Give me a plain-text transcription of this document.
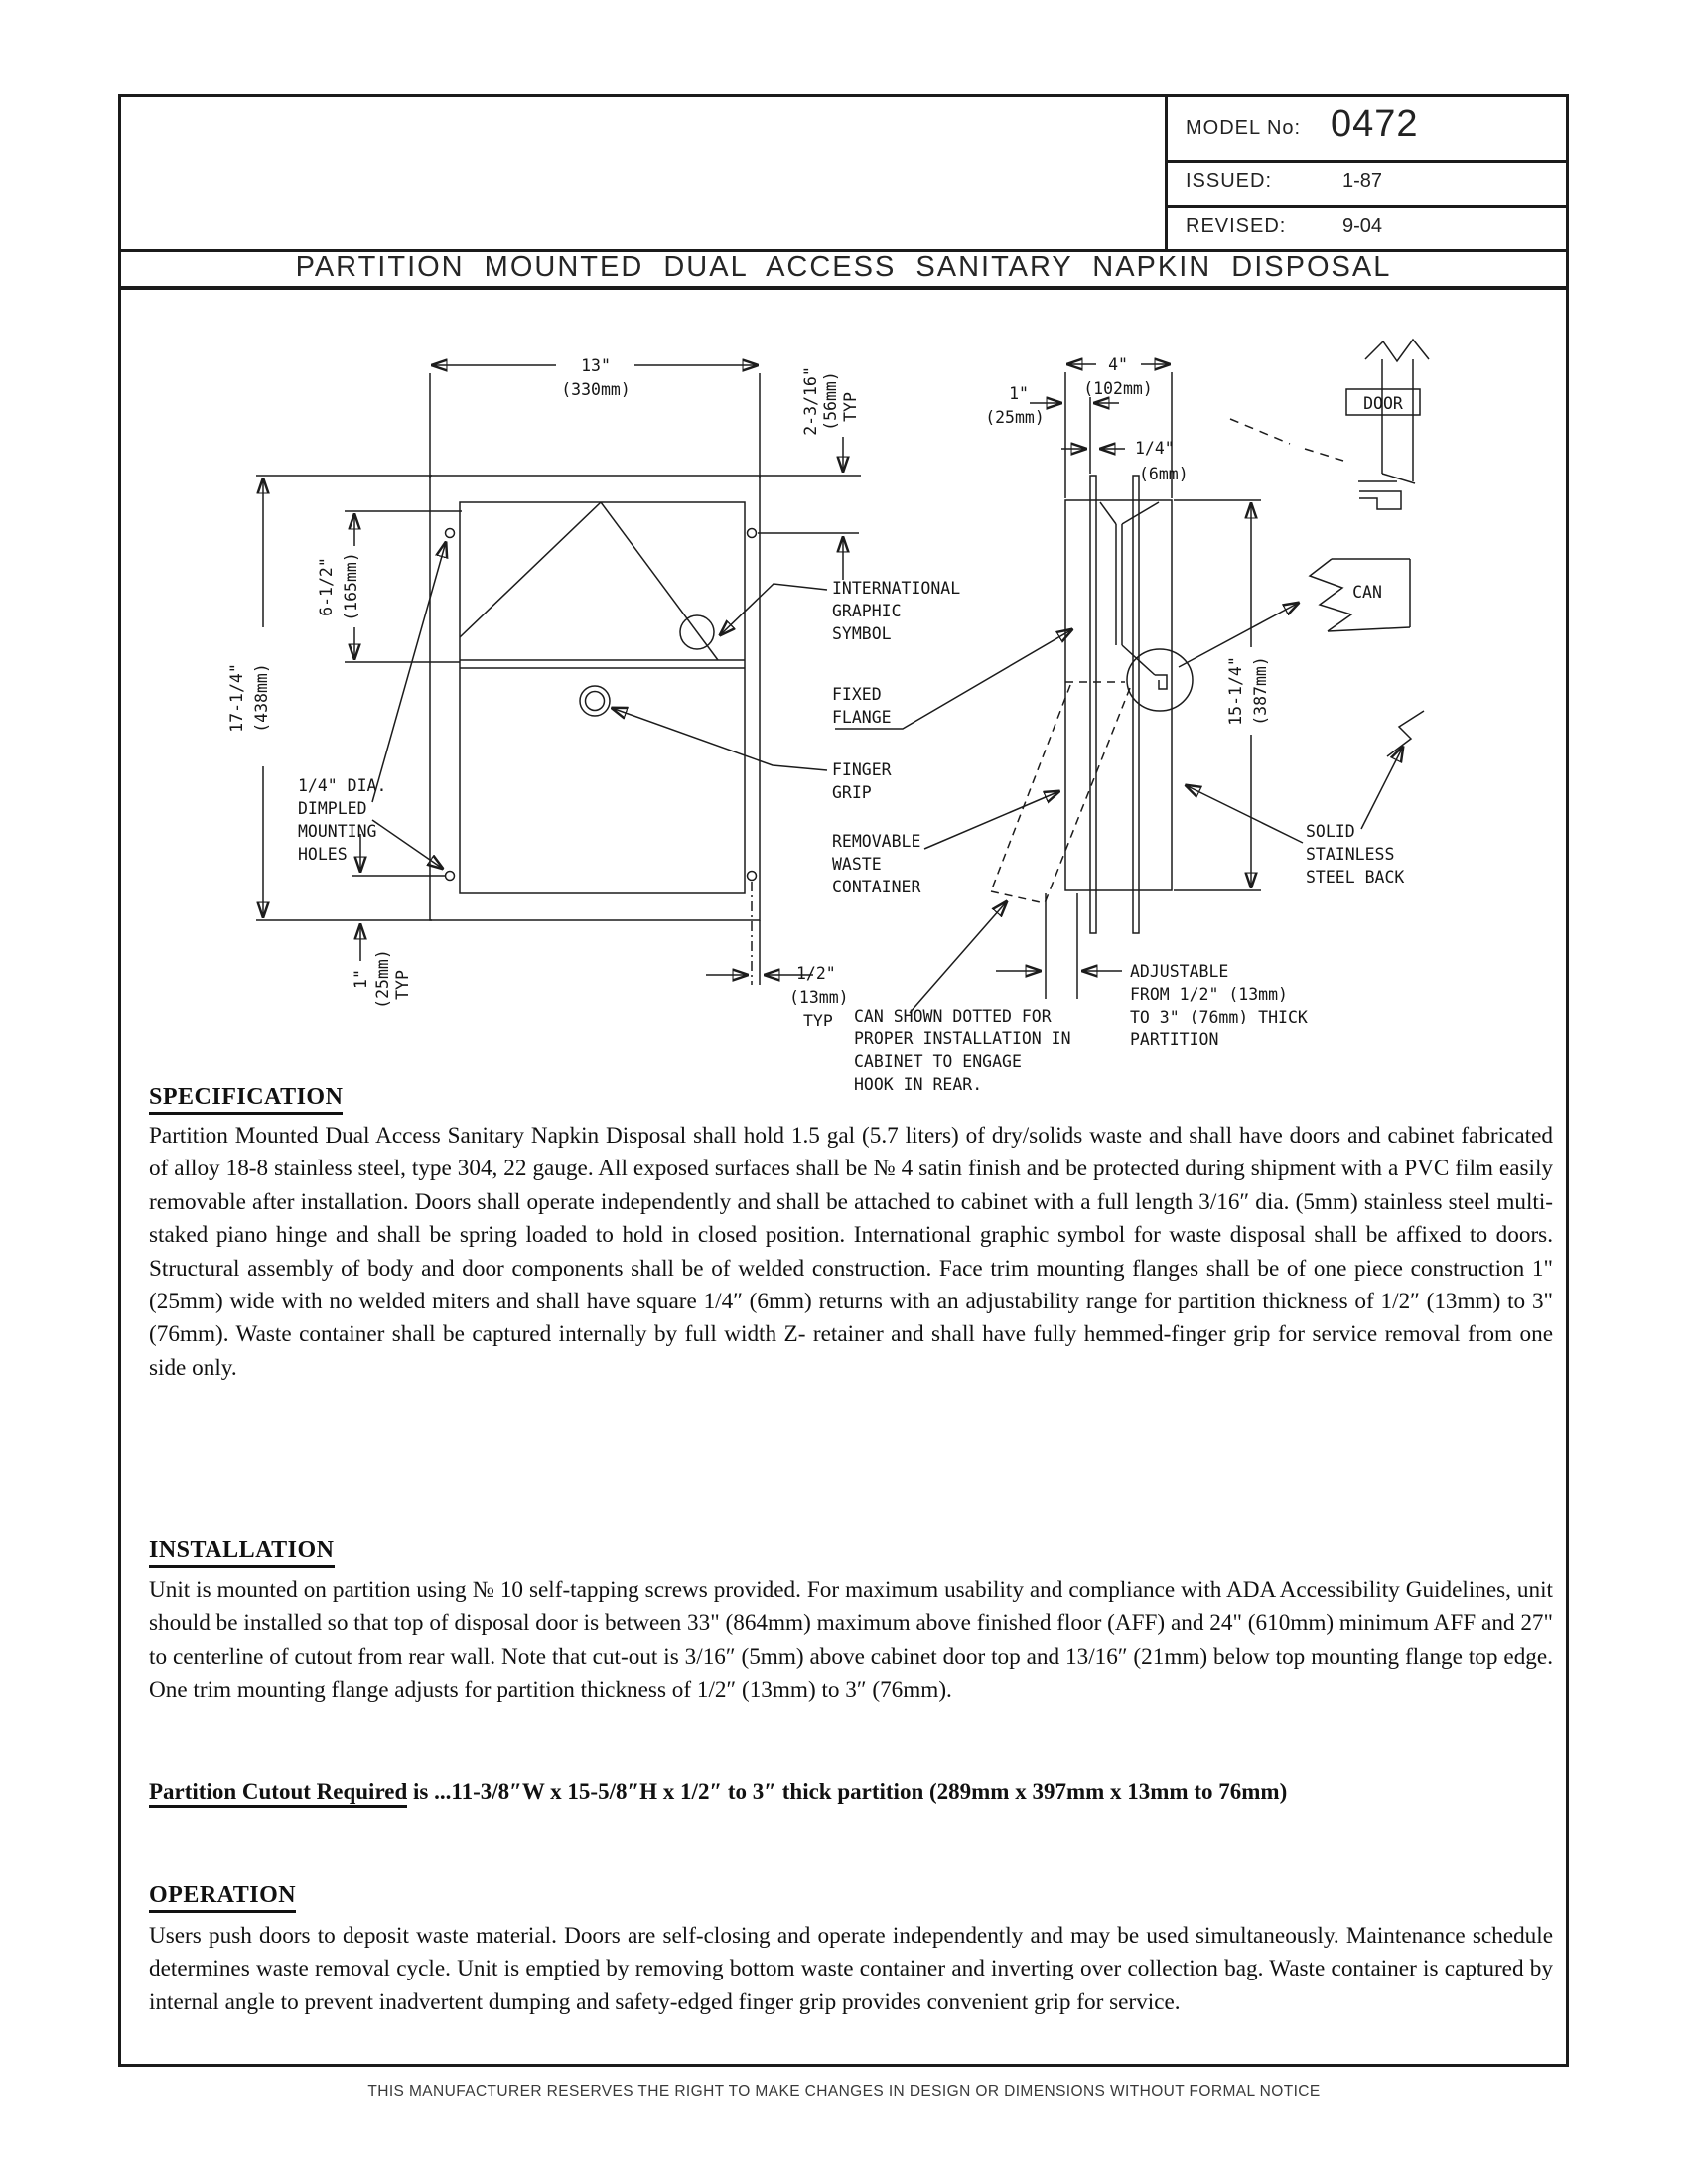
MODEL No: 0472
ISSUED:	1-87
REVISED:	9-04
PARTITION MOUNTED DUAL ACCESS SANITARY NAPKIN DISPOSAL
13"
(330mm)	2-3/16" (56mm) TYP
17-1/4" (438mm)
6-1/2" (165mm)
1" (25mm) TYP
1/4" DIA.
DIMPLED
MOUNTING
HOLES
1/2"
(13mm)
TYP CAN SHOWN DOTTED FOR
PROPER INSTALLATION IN
CABINET TO ENGAGE
HOOK IN REAR.
INTERNATIONAL
GRAPHIC
SYMBOL
FIXED
FLANGE
FINGER
GRIP
REMOVABLE
WASTE
CONTAINER
4"
(102mm)
1"
(25mm)
1/4"
(6mm)
15-1/4" (387mm)
SOLID
STAINLESS
STEEL BACK
ADJUSTABLE
FROM 1/2" (13mm)
TO 3" (76mm) THICK
PARTITION
DOOR
CAN
SPECIFICATION
Partition Mounted Dual Access Sanitary Napkin Disposal shall hold 1.5 gal (5.7 liters) of dry/solids waste and shall have doors and cabinet fabricated of alloy 18-8 stainless steel, type 304, 22 gauge. All exposed surfaces shall be № 4 satin finish and be protected during shipment with a PVC film easily removable after installation. Doors shall operate independently and shall be attached to cabinet with a full length 3/16″ dia. (5mm) stainless steel multi-staked piano hinge and shall be spring loaded to hold in closed position. International graphic symbol for waste disposal shall be affixed to doors. Structural assembly of body and door components shall be of welded construction. Face trim mounting flanges shall be of one piece construction 1" (25mm) wide with no welded miters and shall have square 1/4″ (6mm) returns with an adjustability range for partition thickness of 1/2″ (13mm) to 3" (76mm). Waste container shall be captured internally by full width Z- retainer and shall have fully hemmed-finger grip for service removal from one side only.
INSTALLATION
Unit is mounted on partition using № 10 self-tapping screws provided. For maximum usability and compliance with ADA Accessibility Guidelines, unit should be installed so that top of disposal door is between 33" (864mm) maximum above finished floor (AFF) and 24" (610mm) minimum AFF and 27" to centerline of cutout from rear wall. Note that cut-out is 3/16″ (5mm) above cabinet door top and 13/16″ (21mm) below top mounting flange top edge. One trim mounting flange adjusts for partition thickness of 1/2″ (13mm) to 3″ (76mm).
Partition Cutout Required is ...11-3/8″W x 15-5/8″H x 1/2″ to 3″ thick partition (289mm x 397mm x 13mm to 76mm)
OPERATION
Users push doors to deposit waste material. Doors are self-closing and operate independently and may be used simultaneously. Maintenance schedule determines waste removal cycle. Unit is emptied by removing bottom waste container and inverting over collection bag. Waste container is captured by internal angle to prevent inadvertent dumping and safety-edged finger grip provides convenient grip for service.
THIS MANUFACTURER RESERVES THE RIGHT TO MAKE CHANGES IN DESIGN OR DIMENSIONS WITHOUT FORMAL NOTICE
